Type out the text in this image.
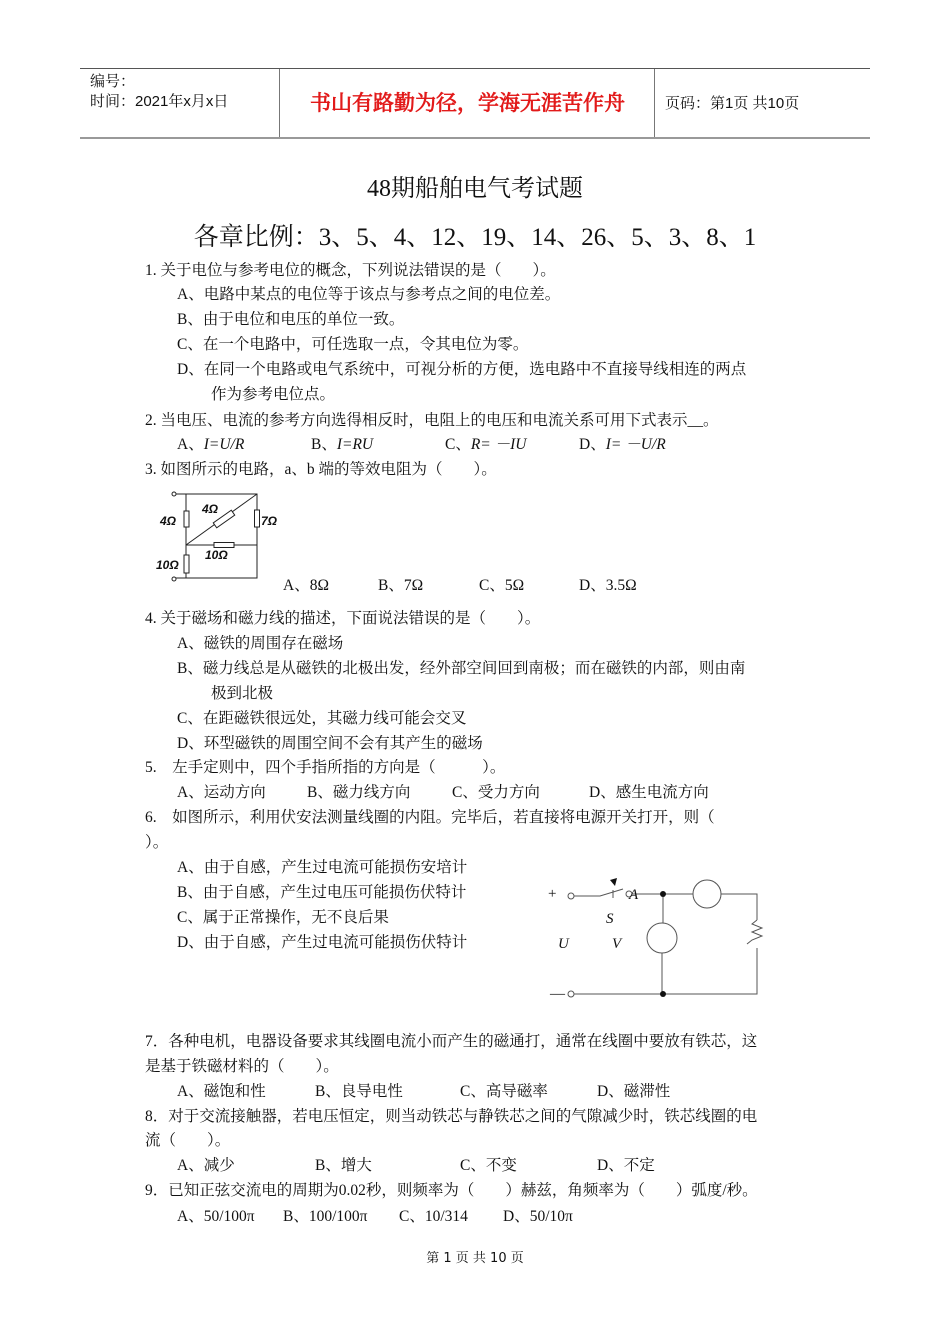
编号：
时间：2021年x月x日	书山有路勤为径，学海无涯苦作舟	页码：第1页 共10页
48期船舶电气考试题
各章比例：3、5、4、12、19、14、26、5、3、8、1
1. 关于电位与参考电位的概念，下列说法错误的是（　　）。
A、电路中某点的电位等于该点与参考点之间的电位差。
B、由于电位和电压的单位一致。
C、在一个电路中，可任选取一点，令其电位为零。
D、在同一个电路或电气系统中，可视分析的方便，选电路中不直接导线相连的两点
作为参考电位点。
2. 当电压、电流的参考方向选得相反时，电阻上的电压和电流关系可用下式表示__。
A、I=U/R	B、I=RU	C、R= －IU	D、I= －U/R
3. 如图所示的电路，a、b 端的等效电阻为（　　）。
4Ω
4Ω
7Ω
10Ω
10Ω
A、8Ω	B、7Ω	C、5Ω	D、3.5Ω
4. 关于磁场和磁力线的描述，下面说法错误的是（　　）。
A、磁铁的周围存在磁场
B、磁力线总是从磁铁的北极出发，经外部空间回到南极；而在磁铁的内部，则由南
极到北极
C、在距磁铁很远处，其磁力线可能会交叉
D、环型磁铁的周围空间不会有其产生的磁场
5.　左手定则中，四个手指所指的方向是（　　　）。
A、运动方向	B、磁力线方向	C、受力方向	D、感生电流方向
6.　如图所示，利用伏安法测量线圈的内阻。完毕后，若直接将电源开关打开，则（
）。
A、由于自感，产生过电流可能损伤安培计
B、由于自感，产生过电压可能损伤伏特计
C、属于正常操作，无不良后果
D、由于自感，产生过电流可能损伤伏特计
+
—
A
S
U	V
7．各种电机，电器设备要求其线圈电流小而产生的磁通打，通常在线圈中要放有铁芯，这
是基于铁磁材料的（　　）。
A、磁饱和性	B、良导电性	C、高导磁率	D、磁滞性
8．对于交流接触器，若电压恒定，则当动铁芯与静铁芯之间的气隙减少时，铁芯线圈的电
流（　　）。
A、减少	B、增大	C、不变	D、不定
9．已知正弦交流电的周期为0.02秒，则频率为（　　）赫兹，角频率为（　　）弧度/秒。
A、50/100π B、100/100π C、10/314 D、50/10π
第 1 页 共 10 页
